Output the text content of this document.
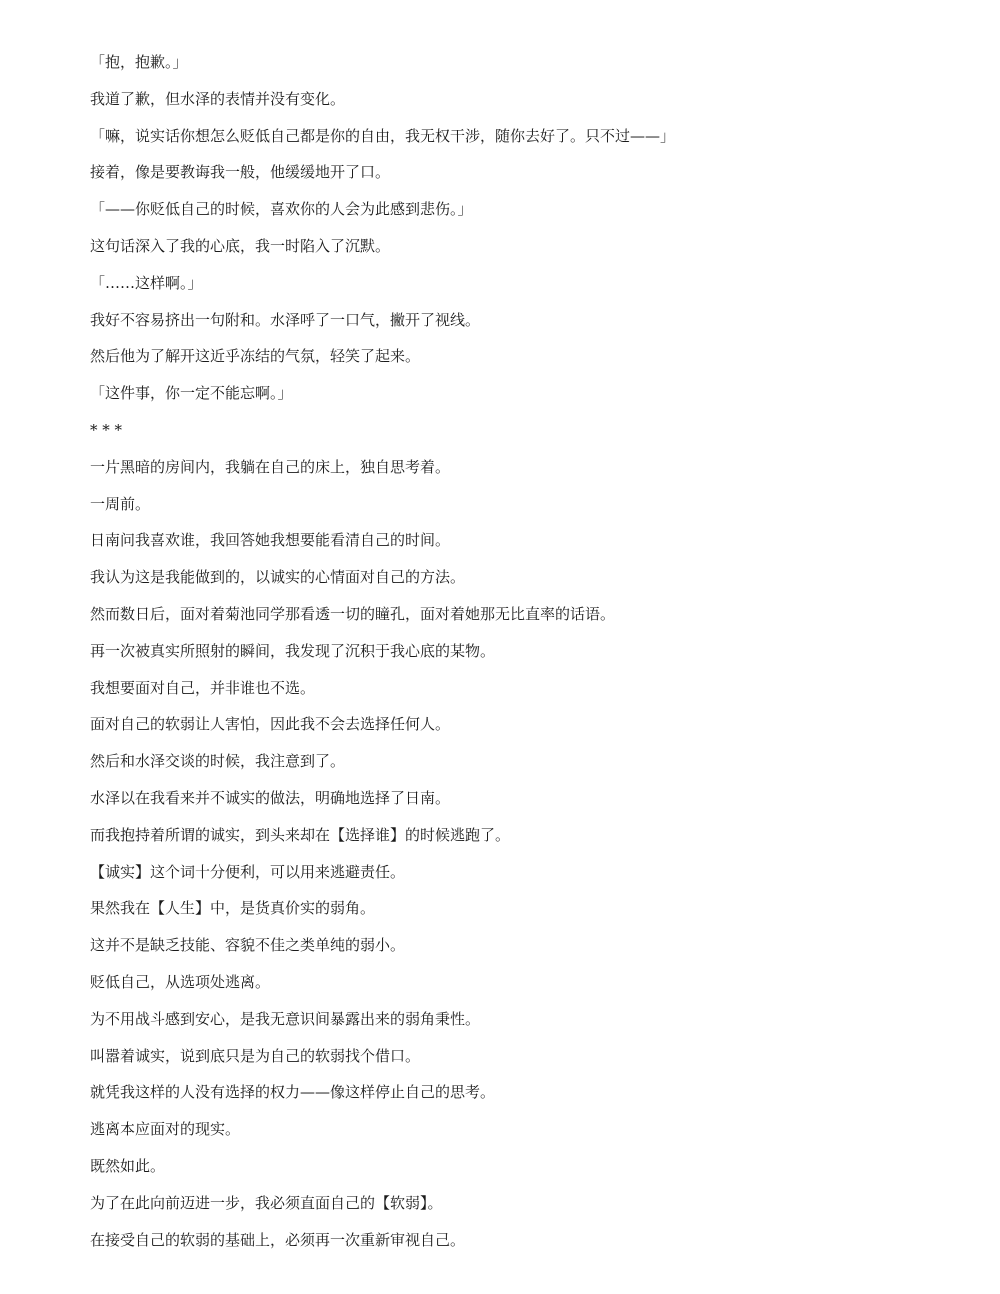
「抱，抱歉。」

我道了歉，但水泽的表情并没有变化。

「嘛，说实话你想怎么贬低自己都是你的自由，我无权干涉，随你去好了。只不过——」

接着，像是要教诲我一般，他缓缓地开了口。

「——你贬低自己的时候，喜欢你的人会为此感到悲伤。」

这句话深入了我的心底，我一时陷入了沉默。

「……这样啊。」

我好不容易挤出一句附和。水泽呼了一口气，撇开了视线。

然后他为了解开这近乎冻结的气氛，轻笑了起来。

「这件事，你一定不能忘啊。」

* * *

一片黑暗的房间内，我躺在自己的床上，独自思考着。

一周前。

日南问我喜欢谁，我回答她我想要能看清自己的时间。

我认为这是我能做到的，以诚实的心情面对自己的方法。

然而数日后，面对着菊池同学那看透一切的瞳孔，面对着她那无比直率的话语。

再一次被真实所照射的瞬间，我发现了沉积于我心底的某物。

我想要面对自己，并非谁也不选。

面对自己的软弱让人害怕，因此我不会去选择任何人。

然后和水泽交谈的时候，我注意到了。

水泽以在我看来并不诚实的做法，明确地选择了日南。

而我抱持着所谓的诚实，到头来却在【选择谁】的时候逃跑了。

【诚实】这个词十分便利，可以用来逃避责任。

果然我在【人生】中，是货真价实的弱角。

这并不是缺乏技能、容貌不佳之类单纯的弱小。

贬低自己，从选项处逃离。

为不用战斗感到安心，是我无意识间暴露出来的弱角秉性。

叫嚣着诚实，说到底只是为自己的软弱找个借口。

就凭我这样的人没有选择的权力——像这样停止自己的思考。

逃离本应面对的现实。

既然如此。

为了在此向前迈进一步，我必须直面自己的【软弱】。

在接受自己的软弱的基础上，必须再一次重新审视自己。
